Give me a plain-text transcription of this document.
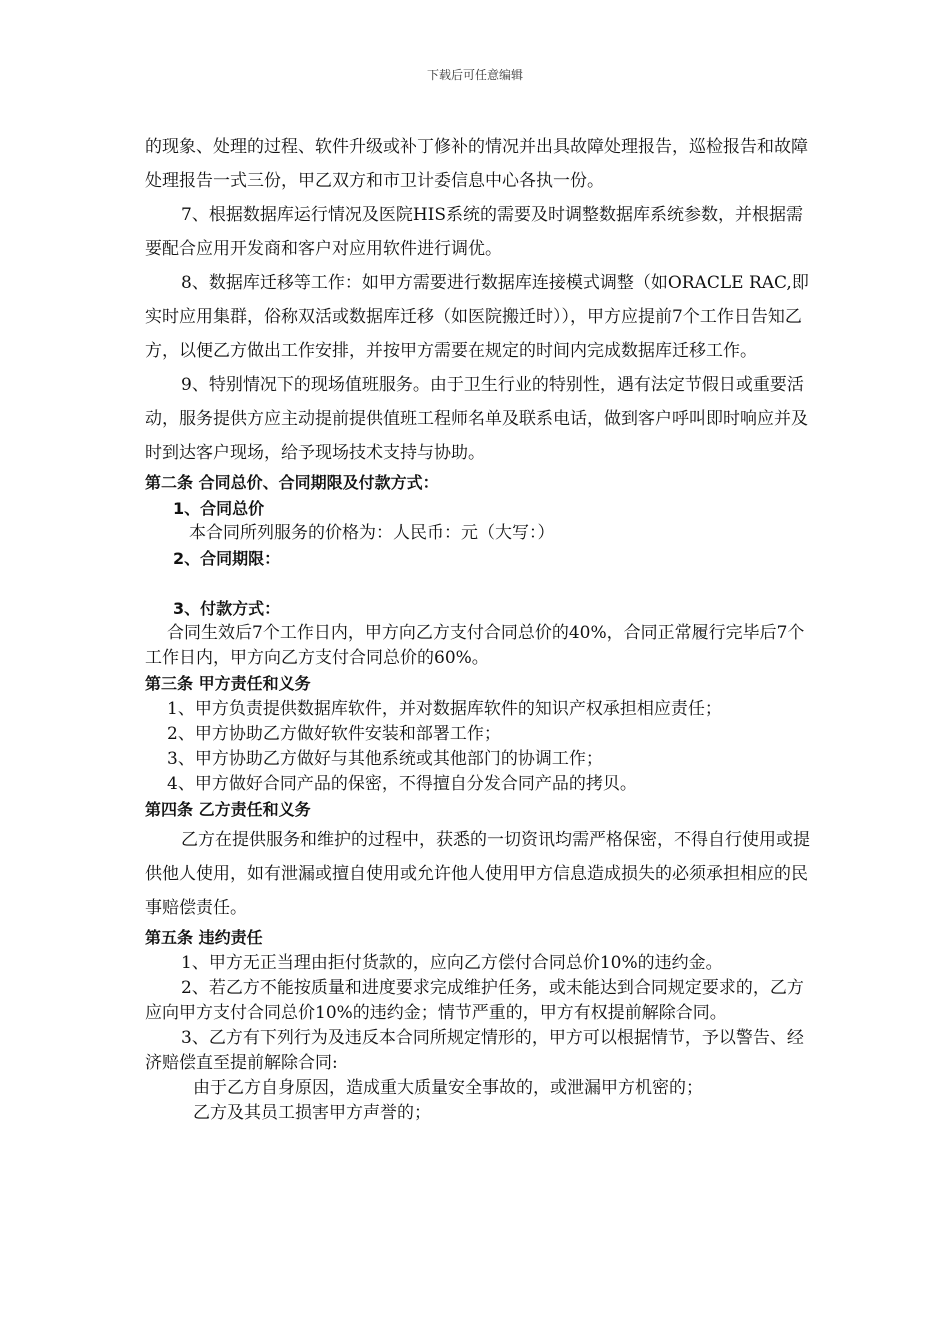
下载后可任意编辑

的现象、处理的过程、软件升级或补丁修补的情况并出具故障处理报告，巡检报告和故障处理报告一式三份，甲乙双方和市卫计委信息中心各执一份。

7、根据数据库运行情况及医院HIS系统的需要及时调整数据库系统参数，并根据需要配合应用开发商和客户对应用软件进行调优。

8、数据库迁移等工作：如甲方需要进行数据库连接模式调整（如ORACLE RAC,即实时应用集群，俗称双活或数据库迁移（如医院搬迁时）），甲方应提前7个工作日告知乙方，以便乙方做出工作安排，并按甲方需要在规定的时间内完成数据库迁移工作。

9、特别情况下的现场值班服务。由于卫生行业的特别性，遇有法定节假日或重要活动，服务提供方应主动提前提供值班工程师名单及联系电话，做到客户呼叫即时响应并及时到达客户现场，给予现场技术支持与协助。

第二条 合同总价、合同期限及付款方式：

1、合同总价

本合同所列服务的价格为：人民币：元（大写：）

2、合同期限：

3、付款方式：

合同生效后7个工作日内，甲方向乙方支付合同总价的40%，合同正常履行完毕后7个工作日内，甲方向乙方支付合同总价的60%。

第三条 甲方责任和义务

1、甲方负责提供数据库软件，并对数据库软件的知识产权承担相应责任；

2、甲方协助乙方做好软件安装和部署工作；

3、甲方协助乙方做好与其他系统或其他部门的协调工作；

4、甲方做好合同产品的保密，不得擅自分发合同产品的拷贝。

第四条 乙方责任和义务

乙方在提供服务和维护的过程中，获悉的一切资讯均需严格保密，不得自行使用或提供他人使用，如有泄漏或擅自使用或允许他人使用甲方信息造成损失的必须承担相应的民事赔偿责任。

第五条 违约责任

1、甲方无正当理由拒付货款的，应向乙方偿付合同总价10%的违约金。

2、若乙方不能按质量和进度要求完成维护任务，或未能达到合同规定要求的，乙方应向甲方支付合同总价10%的违约金；情节严重的，甲方有权提前解除合同。

3、乙方有下列行为及违反本合同所规定情形的，甲方可以根据情节，予以警告、经济赔偿直至提前解除合同:

由于乙方自身原因，造成重大质量安全事故的，或泄漏甲方机密的；

乙方及其员工损害甲方声誉的；
